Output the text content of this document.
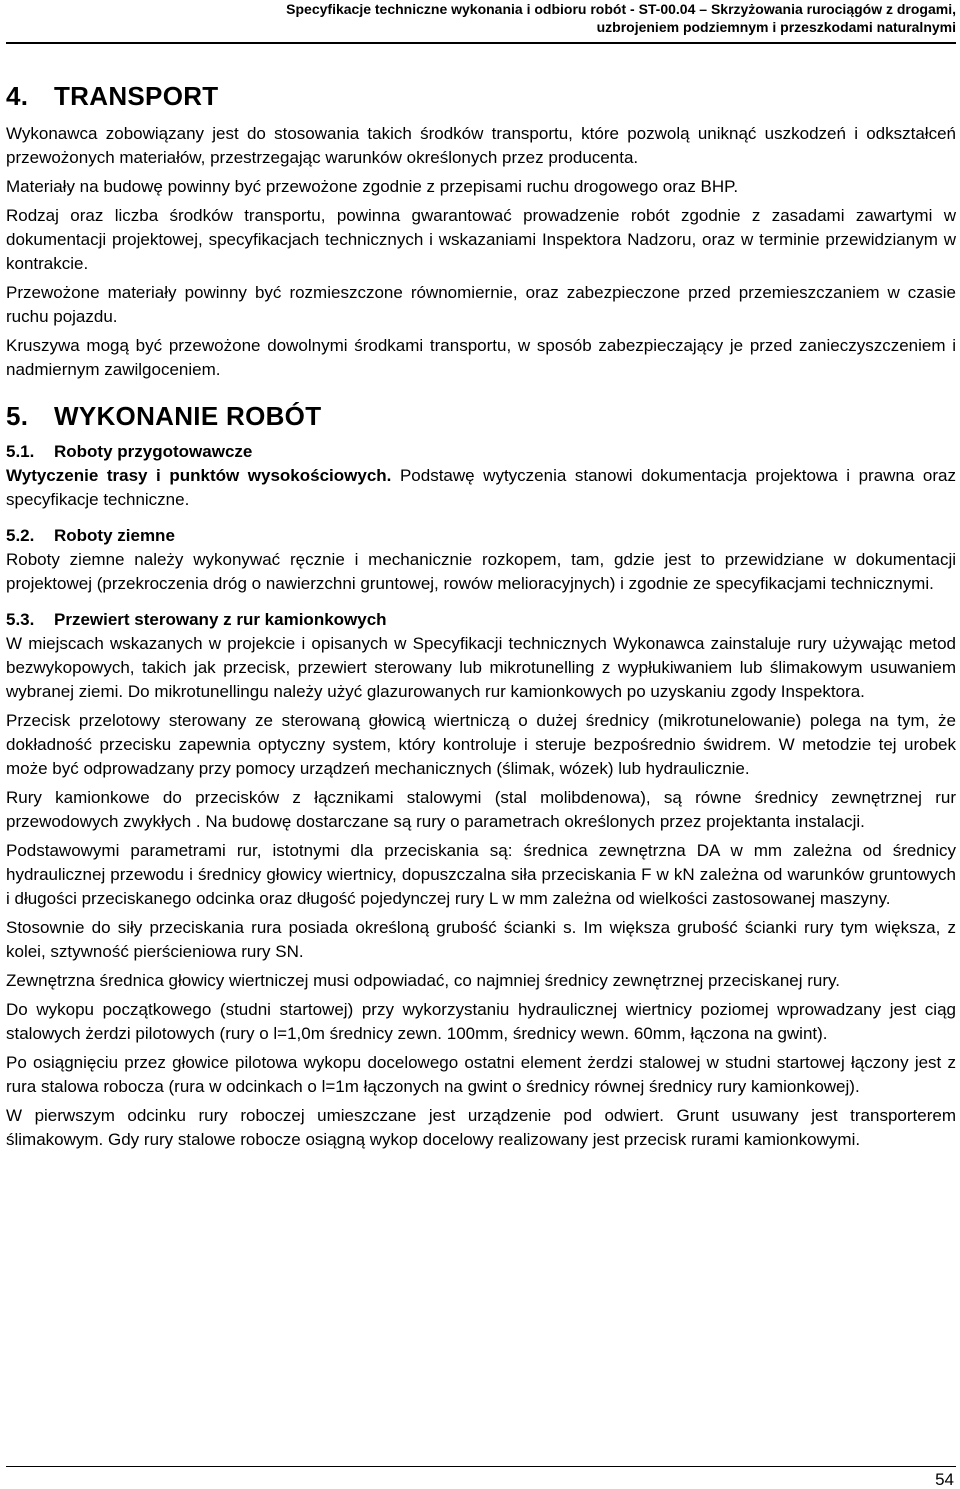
Specyfikacje techniczne wykonania i odbioru robót - ST-00.04 – Skrzyżowania rurociągów z drogami,
uzbrojeniem podziemnym i przeszkodami naturalnymi
4. TRANSPORT

Wykonawca zobowiązany jest do stosowania takich środków transportu, które pozwolą uniknąć uszkodzeń i odkształceń przewożonych materiałów, przestrzegając warunków określonych przez producenta.

Materiały na budowę powinny być przewożone zgodnie z przepisami ruchu drogowego oraz BHP.

Rodzaj oraz liczba środków transportu, powinna gwarantować prowadzenie robót zgodnie z zasadami zawartymi w dokumentacji projektowej, specyfikacjach technicznych i wskazaniami Inspektora Nadzoru, oraz w terminie przewidzianym w kontrakcie.

Przewożone materiały powinny być rozmieszczone równomiernie, oraz zabezpieczone przed przemieszczaniem w czasie ruchu pojazdu.

Kruszywa mogą być przewożone dowolnymi środkami transportu, w sposób zabezpieczający je przed zanieczyszczeniem i nadmiernym zawilgoceniem.

5. WYKONANIE ROBÓT
5.1. Roboty przygotowawcze

Wytyczenie trasy i punktów wysokościowych. Podstawę wytyczenia stanowi dokumentacja projektowa i prawna oraz specyfikacje techniczne.

5.2. Roboty ziemne

Roboty ziemne należy wykonywać ręcznie i mechanicznie rozkopem, tam, gdzie jest to przewidziane w dokumentacji projektowej (przekroczenia dróg o nawierzchni gruntowej, rowów melioracyjnych) i zgodnie ze specyfikacjami technicznymi.

5.3. Przewiert sterowany z rur kamionkowych

W miejscach wskazanych w projekcie i opisanych w Specyfikacji technicznych Wykonawca zainstaluje rury używając metod bezwykopowych, takich jak przecisk, przewiert sterowany lub mikrotunelling z wypłukiwaniem lub ślimakowym usuwaniem wybranej ziemi. Do mikrotunellingu należy użyć glazurowanych rur kamionkowych po uzyskaniu zgody Inspektora.

Przecisk przelotowy sterowany ze sterowaną głowicą wiertniczą o dużej średnicy (mikrotunelowanie) polega na tym, że dokładność przecisku zapewnia optyczny system, który kontroluje i steruje bezpośrednio świdrem. W metodzie tej urobek może być odprowadzany przy pomocy urządzeń mechanicznych (ślimak, wózek) lub hydraulicznie.

Rury kamionkowe do przecisków z łącznikami stalowymi (stal molibdenowa), są równe średnicy zewnętrznej rur przewodowych zwykłych . Na budowę dostarczane są rury o parametrach określonych przez projektanta instalacji.

Podstawowymi parametrami rur, istotnymi dla przeciskania są: średnica zewnętrzna DA w mm zależna od średnicy hydraulicznej przewodu i średnicy głowicy wiertnicy, dopuszczalna siła przeciskania F w kN zależna od warunków gruntowych i długości przeciskanego odcinka oraz długość pojedynczej rury L w mm zależna od wielkości zastosowanej maszyny.

Stosownie do siły przeciskania rura posiada określoną grubość ścianki s. Im większa grubość ścianki rury tym większa, z kolei, sztywność pierścieniowa rury SN.

Zewnętrzna średnica głowicy wiertniczej musi odpowiadać, co najmniej średnicy zewnętrznej przeciskanej rury.

Do wykopu początkowego (studni startowej) przy wykorzystaniu hydraulicznej wiertnicy poziomej wprowadzany jest ciąg stalowych żerdzi pilotowych (rury o l=1,0m średnicy zewn. 100mm, średnicy wewn. 60mm, łączona na gwint).

Po osiągnięciu przez głowice pilotowa wykopu docelowego ostatni element żerdzi stalowej w studni startowej łączony jest z rura stalowa robocza (rura w odcinkach o l=1m łączonych na gwint o średnicy równej średnicy rury kamionkowej).

W pierwszym odcinku rury roboczej umieszczane jest urządzenie pod odwiert. Grunt usuwany jest transporterem ślimakowym. Gdy rury stalowe robocze osiągną wykop docelowy realizowany jest przecisk rurami kamionkowymi.

54
